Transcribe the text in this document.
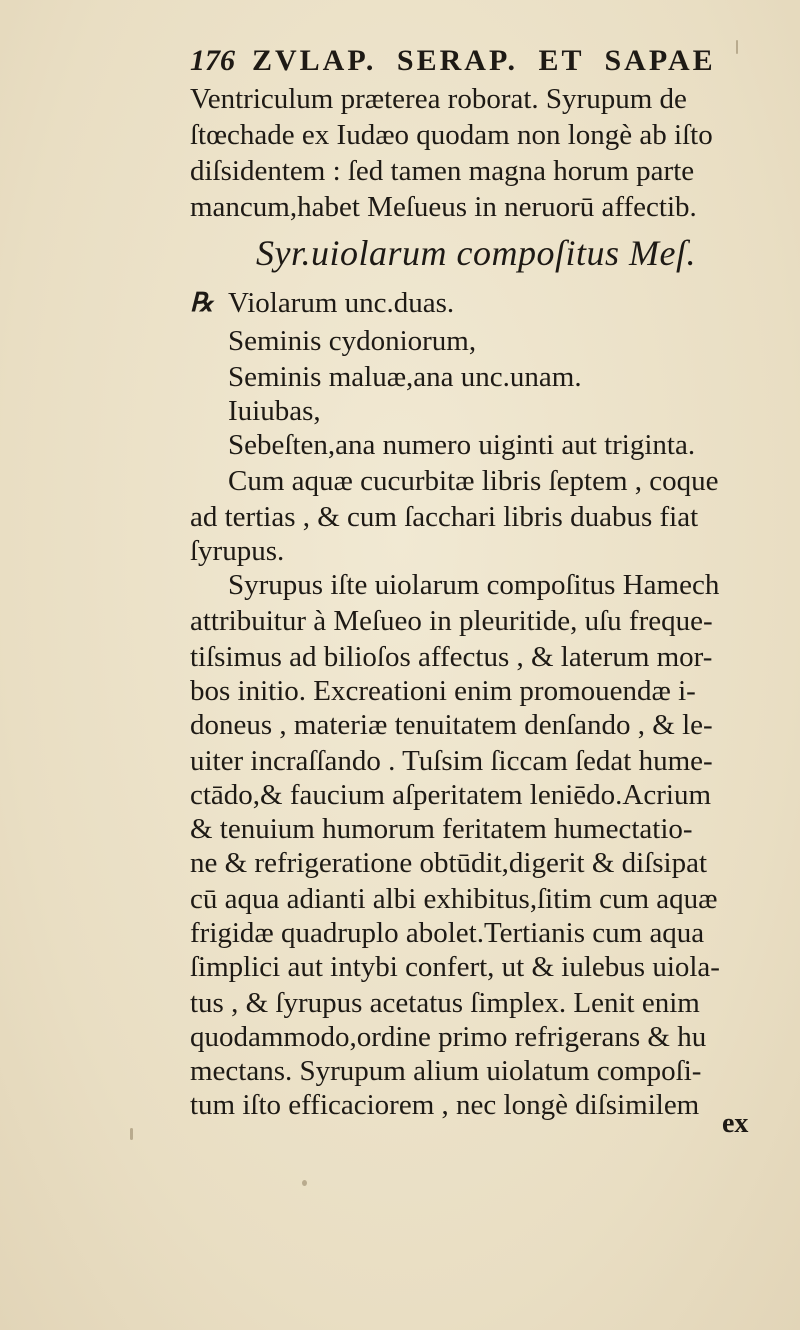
176 ZVLAP. SERAP. ET SAPAE
Ventriculum præterea roborat. Syrupum de
ſtœchade ex Iudæo quodam non longè ab iſto
diſsidentem : ſed tamen magna horum parte
mancum,habet Meſueus in neruorū affectib.
Syr.uiolarum compoſitus Meſ.
℞ Violarum unc.duas.
Seminis cydoniorum,
Seminis maluæ,ana unc.unam.
Iuiubas,
Sebeſten,ana numero uiginti aut triginta.
Cum aquæ cucurbitæ libris ſeptem , coque
ad tertias , & cum ſacchari libris duabus fiat
ſyrupus.
Syrupus iſte uiolarum compoſitus Hamech
attribuitur à Meſueo in pleuritide, uſu freque-
tiſsimus ad bilioſos affectus , & laterum mor-
bos initio. Excreationi enim promouendæ i-
doneus , materiæ tenuitatem denſando , & le-
uiter incraſſando . Tuſsim ſiccam ſedat hume-
ctādo,& faucium aſperitatem leniēdo.Acrium
& tenuium humorum feritatem humectatio-
ne & refrigeratione obtūdit,digerit & diſsipat
cū aqua adianti albi exhibitus,ſitim cum aquæ
frigidæ quadruplo abolet.Tertianis cum aqua
ſimplici aut intybi confert, ut & iulebus uiola-
tus , & ſyrupus acetatus ſimplex. Lenit enim
quodammodo,ordine primo refrigerans & hu
mectans. Syrupum alium uiolatum compoſi-
tum iſto efficaciorem , nec longè diſsimilem
ex
